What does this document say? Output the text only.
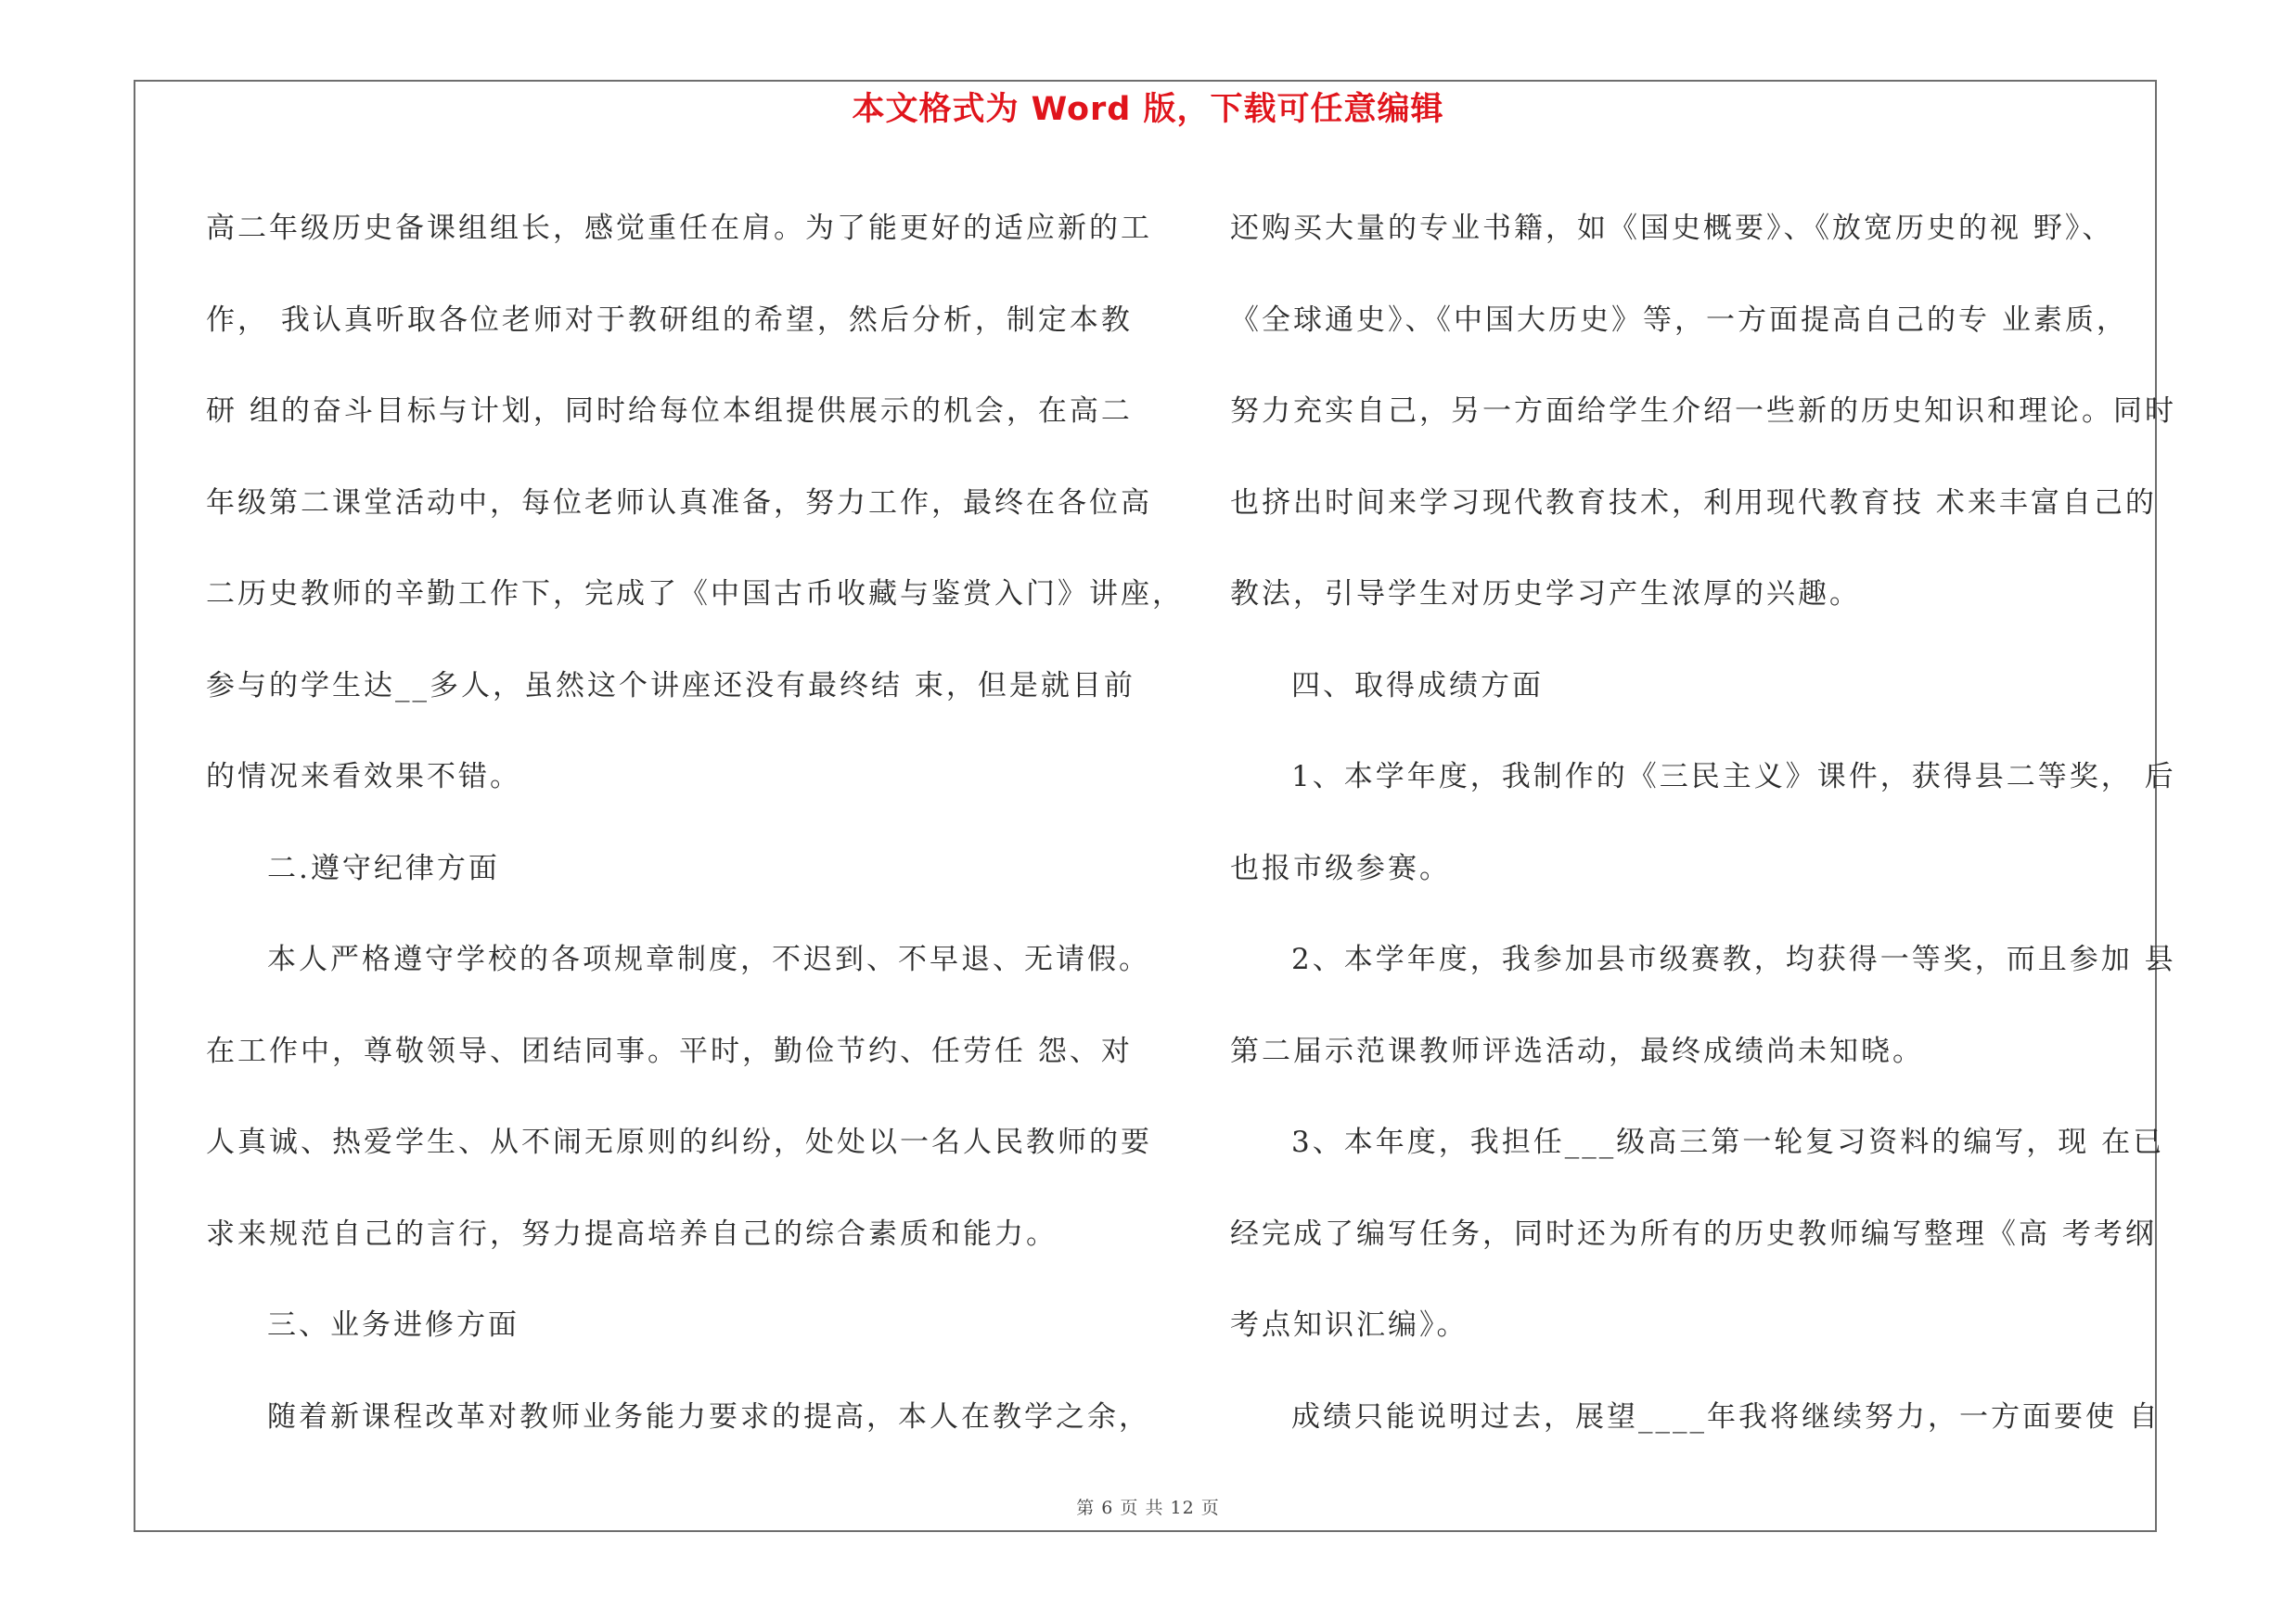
本文格式为 Word 版，下载可任意编辑
高二年级历史备课组组长，感觉重任在肩。为了能更好的适应新的工
作， 我认真听取各位老师对于教研组的希望，然后分析，制定本教
研 组的奋斗目标与计划，同时给每位本组提供展示的机会，在高二
年级第二课堂活动中，每位老师认真准备，努力工作，最终在各位高
二历史教师的辛勤工作下，完成了《中国古币收藏与鉴赏入门》讲座，
参与的学生达__多人，虽然这个讲座还没有最终结 束，但是就目前
的情况来看效果不错。
二.遵守纪律方面
本人严格遵守学校的各项规章制度，不迟到、不早退、无请假。
在工作中，尊敬领导、团结同事。平时，勤俭节约、任劳任 怨、对
人真诚、热爱学生、从不闹无原则的纠纷，处处以一名人民教师的要
求来规范自己的言行，努力提高培养自己的综合素质和能力。
三、业务进修方面
随着新课程改革对教师业务能力要求的提高，本人在教学之余，
还购买大量的专业书籍，如《国史概要》、《放宽历史的视 野》、
《全球通史》、《中国大历史》等，一方面提高自己的专 业素质，
努力充实自己，另一方面给学生介绍一些新的历史知识和理论。同时
也挤出时间来学习现代教育技术，利用现代教育技 术来丰富自己的
教法，引导学生对历史学习产生浓厚的兴趣。
四、取得成绩方面
1、本学年度，我制作的《三民主义》课件，获得县二等奖， 后
也报市级参赛。
2、本学年度，我参加县市级赛教，均获得一等奖，而且参加 县
第二届示范课教师评选活动，最终成绩尚未知晓。
3、本年度，我担任___级高三第一轮复习资料的编写，现 在已
经完成了编写任务，同时还为所有的历史教师编写整理《高 考考纲
考点知识汇编》。
成绩只能说明过去，展望____年我将继续努力，一方面要使 自
第 6 页 共 12 页
